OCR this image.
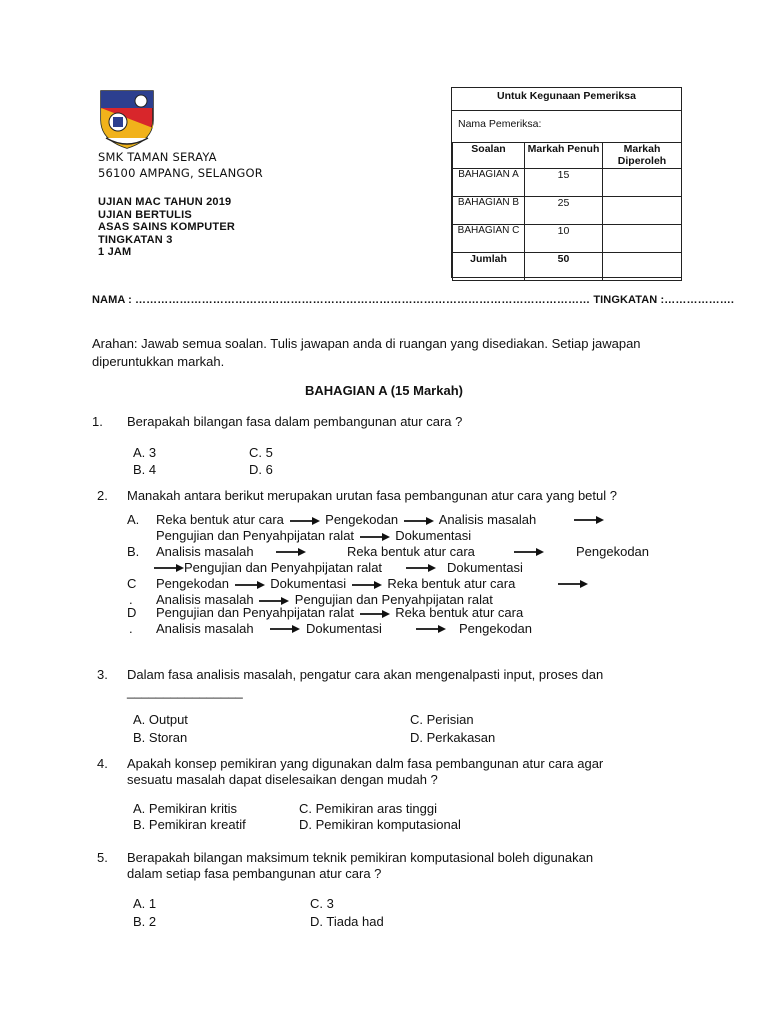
SMK TAMAN SERAYA
56100 AMPANG, SELANGOR
UJIAN MAC TAHUN 2019
UJIAN BERTULIS
ASAS SAINS KOMPUTER
TINGKATAN 3
1 JAM
Untuk Kegunaan Pemeriksa
Nama Pemeriksa:
Soalan	Markah Penuh	Markah Diperoleh
BAHAGIAN A	15	
BAHAGIAN B	25	
BAHAGIAN C	10	
Jumlah	50	
NAMA : …………………………………………………………………………………………………………… TINGKATAN :……………….
Arahan: Jawab semua soalan. Tulis jawapan anda di ruangan yang disediakan. Setiap jawapan diperuntukkan markah.
BAHAGIAN A (15 Markah)
1. Berapakah bilangan fasa dalam pembangunan atur cara ?
A. 3	C. 5
B. 4	D. 6
2. Manakah antara berikut merupakan urutan fasa pembangunan atur cara yang betul ?
A. Reka bentuk atur cara	Pengekodan	Analisis masalah
Pengujian dan Penyahpijatan ralat	Dokumentasi
B. Analisis masalah	Reka bentuk atur cara	Pengekodan
Pengujian dan Penyahpijatan ralat	Dokumentasi
C Pengekodan	Dokumentasi	Reka bentuk atur cara
. Analisis masalah	Pengujian dan Penyahpijatan ralat
D Pengujian dan Penyahpijatan ralat	Reka bentuk atur cara
. Analisis masalah	Dokumentasi	Pengekodan
3. Dalam fasa analisis masalah, pengatur cara akan mengenalpasti input, proses dan
________________
A. Output	C. Perisian
B. Storan	D. Perkakasan
4. Apakah konsep pemikiran yang digunakan dalm fasa pembangunan atur cara agar
sesuatu masalah dapat diselesaikan dengan mudah ?
A. Pemikiran kritis	C. Pemikiran aras tinggi
B. Pemikiran kreatif	D. Pemikiran komputasional
5. Berapakah bilangan maksimum teknik pemikiran komputasional boleh digunakan
dalam setiap fasa pembangunan atur cara ?
A. 1	C. 3
B. 2	D. Tiada had
